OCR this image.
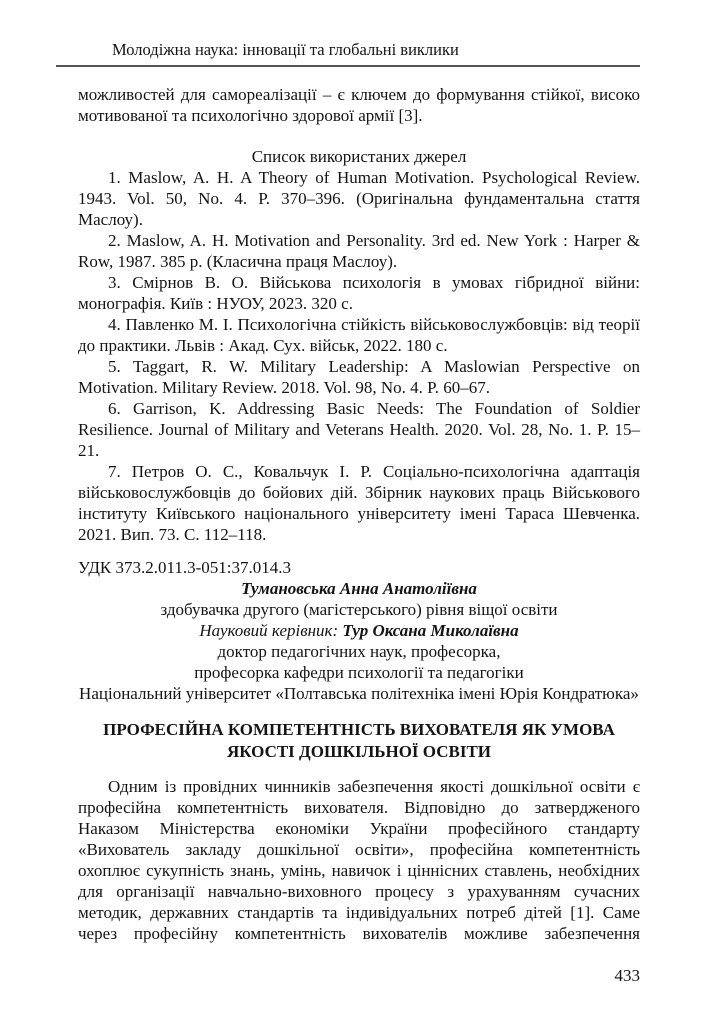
Молодіжна наука: інновації та глобальні виклики

можливостей для самореалізації – є ключем до формування стійкої, високо мотивованої та психологічно здорової армії [3].

Список використаних джерел

1. Maslow, A. H. A Theory of Human Motivation. Psychological Review. 1943. Vol. 50, No. 4. P. 370–396. (Оригінальна фундаментальна стаття Маслоу).

2. Maslow, A. H. Motivation and Personality. 3rd ed. New York : Harper & Row, 1987. 385 p. (Класична праця Маслоу).

3. Смірнов В. О. Військова психологія в умовах гібридної війни: монографія. Київ : НУОУ, 2023. 320 с.

4. Павленко М. І. Психологічна стійкість військовослужбовців: від теорії до практики. Львів : Акад. Сух. військ, 2022. 180 с.

5. Taggart, R. W. Military Leadership: A Maslowian Perspective on Motivation. Military Review. 2018. Vol. 98, No. 4. P. 60–67.

6. Garrison, K. Addressing Basic Needs: The Foundation of Soldier Resilience. Journal of Military and Veterans Health. 2020. Vol. 28, No. 1. P. 15–21.

7. Петров О. С., Ковальчук І. Р. Соціально-психологічна адаптація військовослужбовців до бойових дій. Збірник наукових праць Військового інституту Київського національного університету імені Тараса Шевченка. 2021. Вип. 73. С. 112–118.

УДК 373.2.011.3-051:37.014.3
Тумановська Анна Анатоліївна
здобувачка другого (магістерського) рівня віщої освіти
Науковий керівник: Тур Оксана Миколаївна
доктор педагогічних наук, професорка,
професорка кафедри психології та педагогіки
Національний університет «Полтавська політехніка імені Юрія Кондратюка»
ПРОФЕСІЙНА КОМПЕТЕНТНІСТЬ ВИХОВАТЕЛЯ ЯК УМОВА ЯКОСТІ ДОШКІЛЬНОЇ ОСВІТИ

Одним із провідних чинників забезпечення якості дошкільної освіти є професійна компетентність вихователя. Відповідно до затвердженого Наказом Міністерства економіки України професійного стандарту «Вихователь закладу дошкільної освіти», професійна компетентність охоплює сукупність знань, умінь, навичок і ціннісних ставлень, необхідних для організації навчально-виховного процесу з урахуванням сучасних методик, державних стандартів та індивідуальних потреб дітей [1]. Саме через професійну компетентність вихователів можливе забезпечення

433
